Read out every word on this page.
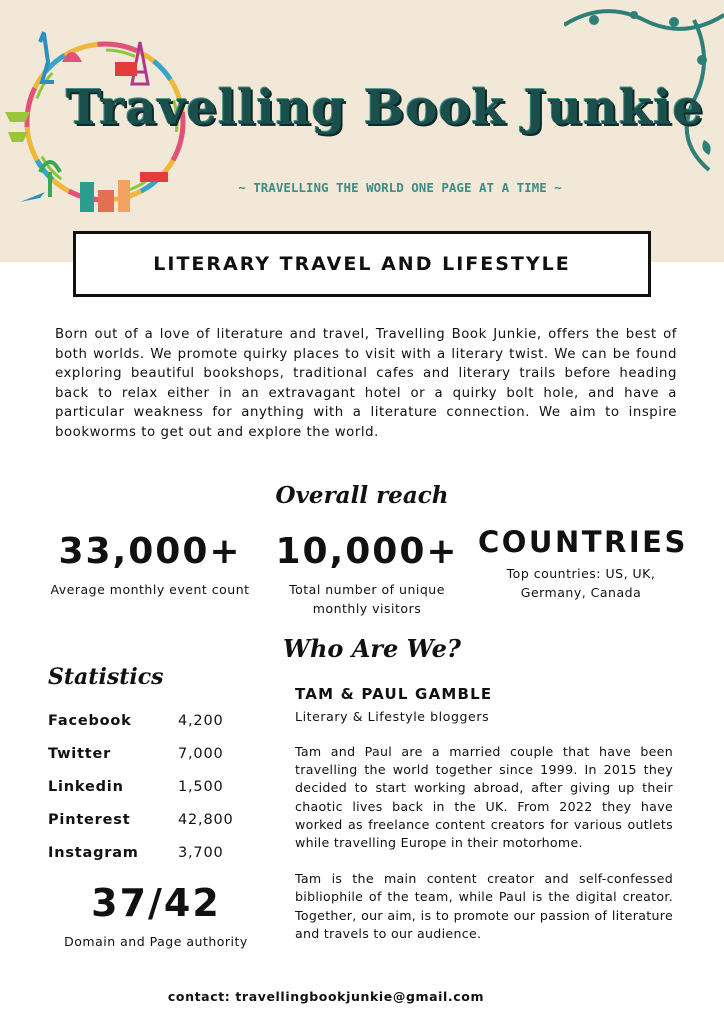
Travelling Book Junkie
~ TRAVELLING THE WORLD ONE PAGE AT A TIME ~
LITERARY TRAVEL AND LIFESTYLE

Born out of a love of literature and travel, Travelling Book Junkie, offers the best of both worlds. We promote quirky places to visit with a literary twist. We can be found exploring beautiful bookshops, traditional cafes and literary trails before heading back to relax either in an extravagant hotel or a quirky bolt hole, and have a particular weakness for anything with a literature connection. We aim to inspire bookworms to get out and explore the world.

Overall reach
33,000+
Average monthly event count
10,000+
Total number of unique monthly visitors
COUNTRIES
Top countries: US, UK, Germany, Canada
Who Are We?
Statistics
Facebook	4,200
Twitter	7,000
Linkedin	1,500
Pinterest	42,800
Instagram	3,700
37/42
Domain and Page authority
TAM & PAUL GAMBLE
Literary & Lifestyle bloggers

Tam and Paul are a married couple that have been travelling the world together since 1999. In 2015 they decided to start working abroad, after giving up their chaotic lives back in the UK. From 2022 they have worked as freelance content creators for various outlets while travelling Europe in their motorhome.

Tam is the main content creator and self-confessed bibliophile of the team, while Paul is the digital creator. Together, our aim, is to promote our passion of literature and travels to our audience.

contact: travellingbookjunkie@gmail.com
